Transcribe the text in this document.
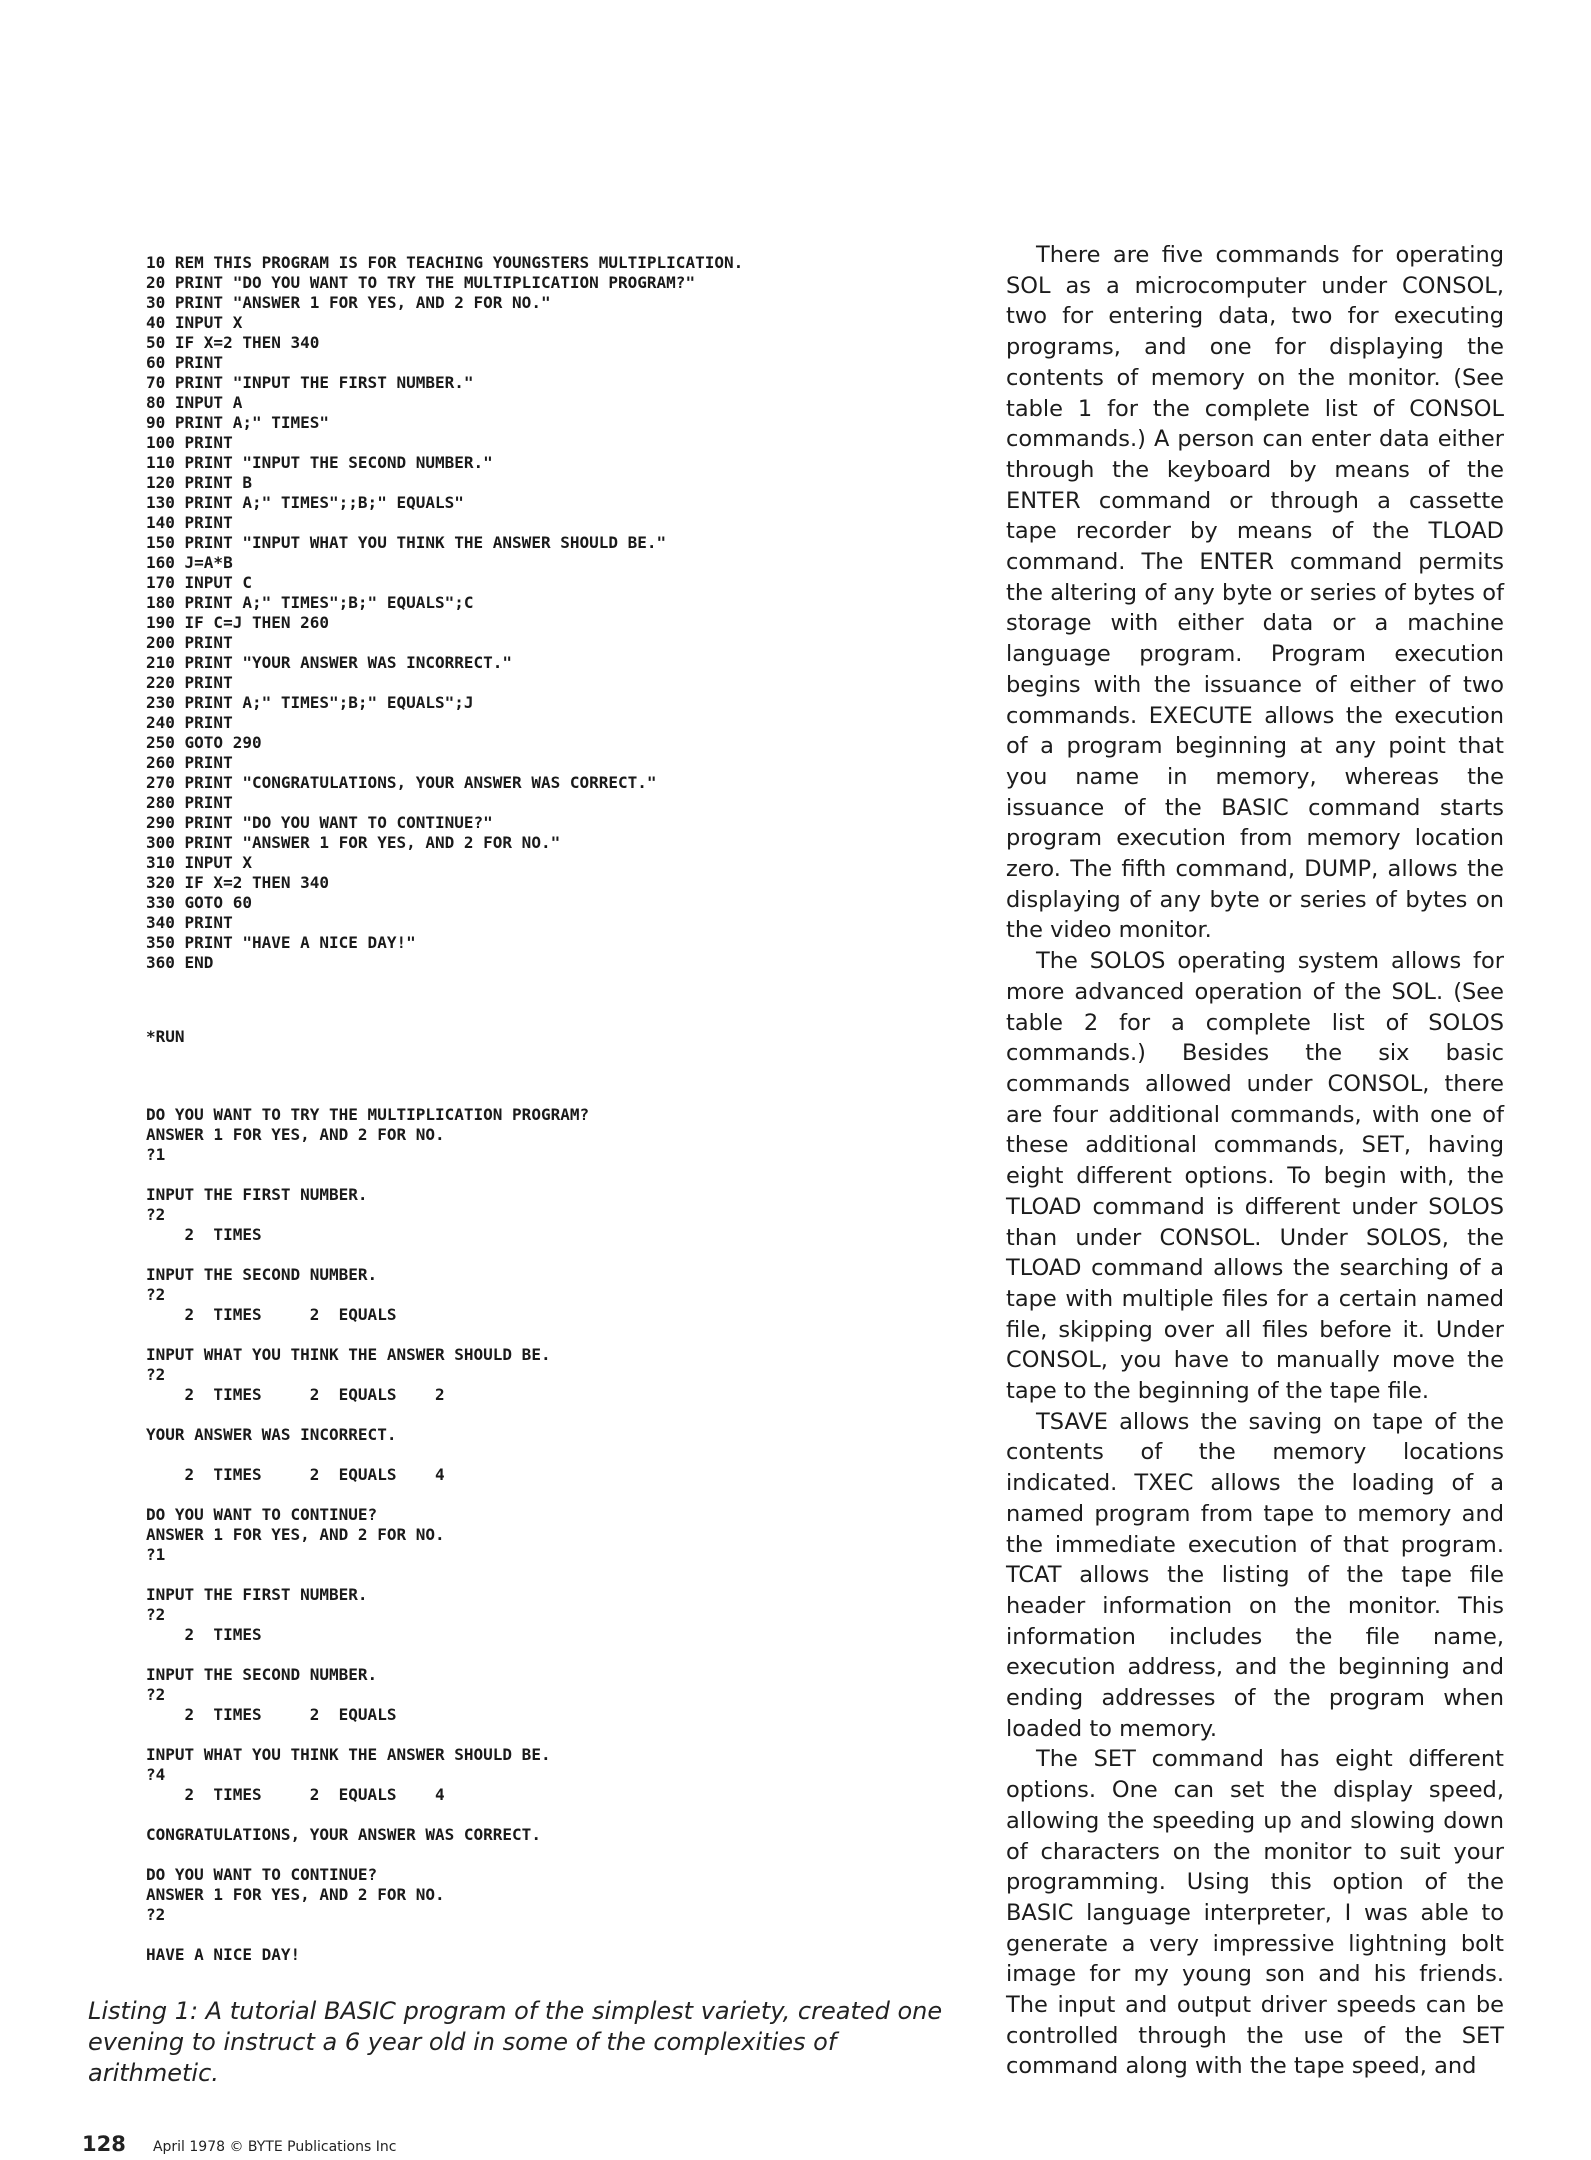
10 REM THIS PROGRAM IS FOR TEACHING YOUNGSTERS MULTIPLICATION.
20 PRINT "DO YOU WANT TO TRY THE MULTIPLICATION PROGRAM?"
30 PRINT "ANSWER 1 FOR YES, AND 2 FOR NO."
40 INPUT X
50 IF X=2 THEN 340
60 PRINT
70 PRINT "INPUT THE FIRST NUMBER."
80 INPUT A
90 PRINT A;" TIMES"
100 PRINT
110 PRINT "INPUT THE SECOND NUMBER."
120 PRINT B
130 PRINT A;" TIMES";;B;" EQUALS"
140 PRINT
150 PRINT "INPUT WHAT YOU THINK THE ANSWER SHOULD BE."
160 J=A*B
170 INPUT C
180 PRINT A;" TIMES";B;" EQUALS";C
190 IF C=J THEN 260
200 PRINT
210 PRINT "YOUR ANSWER WAS INCORRECT."
220 PRINT
230 PRINT A;" TIMES";B;" EQUALS";J
240 PRINT
250 GOTO 290
260 PRINT
270 PRINT "CONGRATULATIONS, YOUR ANSWER WAS CORRECT."
280 PRINT
290 PRINT "DO YOU WANT TO CONTINUE?"
300 PRINT "ANSWER 1 FOR YES, AND 2 FOR NO."
310 INPUT X
320 IF X=2 THEN 340
330 GOTO 60
340 PRINT
350 PRINT "HAVE A NICE DAY!"
360 END
*RUN
DO YOU WANT TO TRY THE MULTIPLICATION PROGRAM?
ANSWER 1 FOR YES, AND 2 FOR NO.
?1
INPUT THE FIRST NUMBER.
?2
2  TIMES
INPUT THE SECOND NUMBER.
?2
2  TIMES     2  EQUALS
INPUT WHAT YOU THINK THE ANSWER SHOULD BE.
?2
2  TIMES     2  EQUALS    2
YOUR ANSWER WAS INCORRECT.
2  TIMES     2  EQUALS    4
DO YOU WANT TO CONTINUE?
ANSWER 1 FOR YES, AND 2 FOR NO.
?1
INPUT THE FIRST NUMBER.
?2
2  TIMES
INPUT THE SECOND NUMBER.
?2
2  TIMES     2  EQUALS
INPUT WHAT YOU THINK THE ANSWER SHOULD BE.
?4
2  TIMES     2  EQUALS    4
CONGRATULATIONS, YOUR ANSWER WAS CORRECT.
DO YOU WANT TO CONTINUE?
ANSWER 1 FOR YES, AND 2 FOR NO.
?2
HAVE A NICE DAY!
Listing 1: A tutorial BASIC program of the simplest variety, created one evening to instruct a 6 year old in some of the complexities of arithmetic.

There are five commands for operating SOL as a microcomputer under CONSOL, two for entering data, two for executing programs, and one for displaying the contents of memory on the monitor. (See table 1 for the complete list of CONSOL commands.) A person can enter data either through the keyboard by means of the ENTER command or through a cassette tape recorder by means of the TLOAD command. The ENTER command permits the altering of any byte or series of bytes of storage with either data or a machine language program. Program execution begins with the issuance of either of two commands. EXECUTE allows the execution of a program beginning at any point that you name in memory, whereas the issuance of the BASIC command starts program execution from memory location zero. The fifth command, DUMP, allows the displaying of any byte or series of bytes on the video monitor.

The SOLOS operating system allows for more advanced operation of the SOL. (See table 2 for a complete list of SOLOS commands.) Besides the six basic commands allowed under CONSOL, there are four additional commands, with one of these additional commands, SET, having eight different options. To begin with, the TLOAD command is different under SOLOS than under CONSOL. Under SOLOS, the TLOAD command allows the searching of a tape with multiple files for a certain named file, skipping over all files before it. Under CONSOL, you have to manually move the tape to the beginning of the tape file.

TSAVE allows the saving on tape of the contents of the memory locations indicated. TXEC allows the loading of a named program from tape to memory and the immediate execution of that program. TCAT allows the listing of the tape file header information on the monitor. This information includes the file name, execution address, and the beginning and ending addresses of the program when loaded to memory.

The SET command has eight different options. One can set the display speed, allowing the speeding up and slowing down of characters on the monitor to suit your programming. Using this option of the BASIC language interpreter, I was able to generate a very impressive lightning bolt image for my young son and his friends. The input and output driver speeds can be controlled through the use of the SET command along with the tape speed, and

128 April 1978 © BYTE Publications Inc
